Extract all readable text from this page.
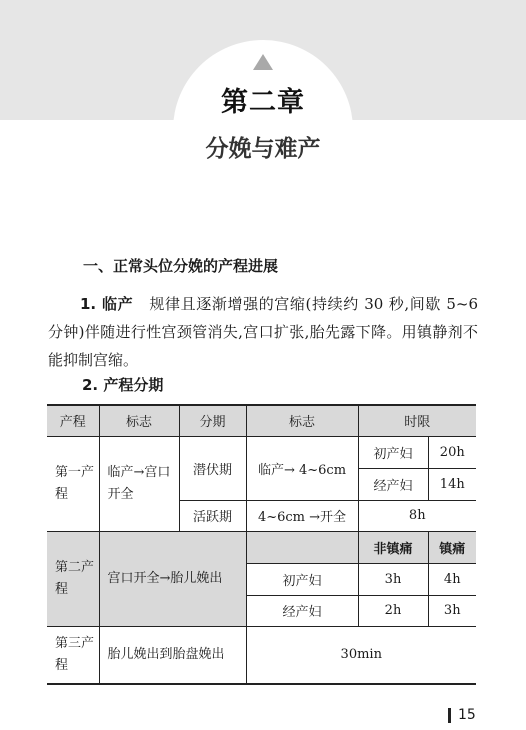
第二章
分娩与难产
一、正常头位分娩的产程进展
1. 临产 规律且逐渐增强的宫缩(持续约 30 秒,间歇 5~6 分钟)伴随进行性宫颈管消失,宫口扩张,胎先露下降。用镇静剂不能抑制宫缩。
2. 产程分期
产程	标志	分期	标志	时限	
第一产程	临产→宫口开全	潜伏期	临产→ 4~6cm	初产妇	20h
				经产妇	14h
		活跃期	4~6cm →开全	8h	
第二产程	宫口开全→胎儿娩出			非镇痛	镇痛
			初产妇	3h	4h
			经产妇	2h	3h
第三产程	胎儿娩出到胎盘娩出		30min		
15
